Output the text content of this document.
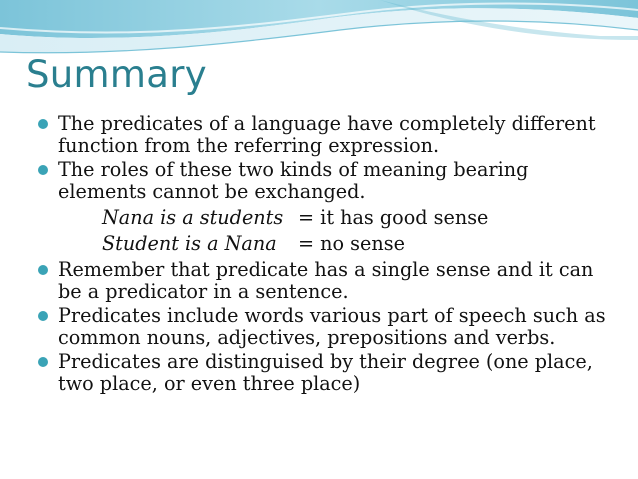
Summary
The predicates of a language have completely different function from the referring expression.
The roles of these two kinds of meaning bearing elements cannot be exchanged.
Nana is a students = it has good sense
Student is a Nana	= no sense
Remember that predicate has a single sense and it can be a predicator in a sentence.
Predicates include words various part of speech such as common nouns, adjectives, prepositions and verbs.
Predicates are distinguised by their degree (one place, two place, or even three place)
